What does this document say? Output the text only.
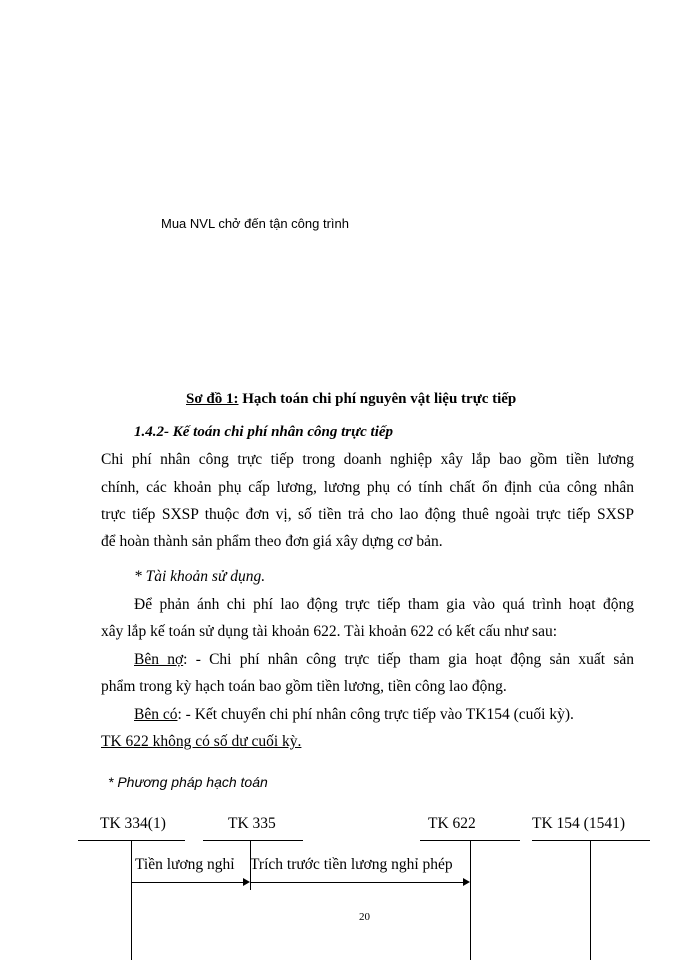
Mua NVL chở đến tận công trình
Sơ đồ 1: Hạch toán chi phí nguyên vật liệu trực tiếp
1.4.2- Kế toán chi phí nhân công trực tiếp
Chi phí nhân công trực tiếp trong doanh nghiệp xây lắp bao gồm tiền lương
chính, các khoản phụ cấp lương, lương phụ có tính chất ổn định của công nhân
trực tiếp SXSP thuộc đơn vị, số tiền trả cho lao động thuê ngoài trực tiếp SXSP
để hoàn thành sản phẩm theo đơn giá xây dựng cơ bản.
* Tài khoản sử dụng.
Để phản ánh chi phí lao động trực tiếp tham gia vào quá trình hoạt động
xây lắp kế toán sử dụng tài khoản 622. Tài khoản 622 có kết cấu như sau:
Bên nợ: - Chi phí nhân công trực tiếp tham gia hoạt động sản xuất sản
phẩm trong kỳ hạch toán bao gồm tiền lương, tiền công lao động.
Bên có: - Kết chuyển chi phí nhân công trực tiếp vào TK154 (cuối kỳ).
TK 622 không có số dư cuối kỳ.
* Phương pháp hạch toán
TK 334(1)	TK 335	TK 622	TK 154 (1541)
Tiền lương nghỉ Trích trước tiền lương nghỉ phép
20
